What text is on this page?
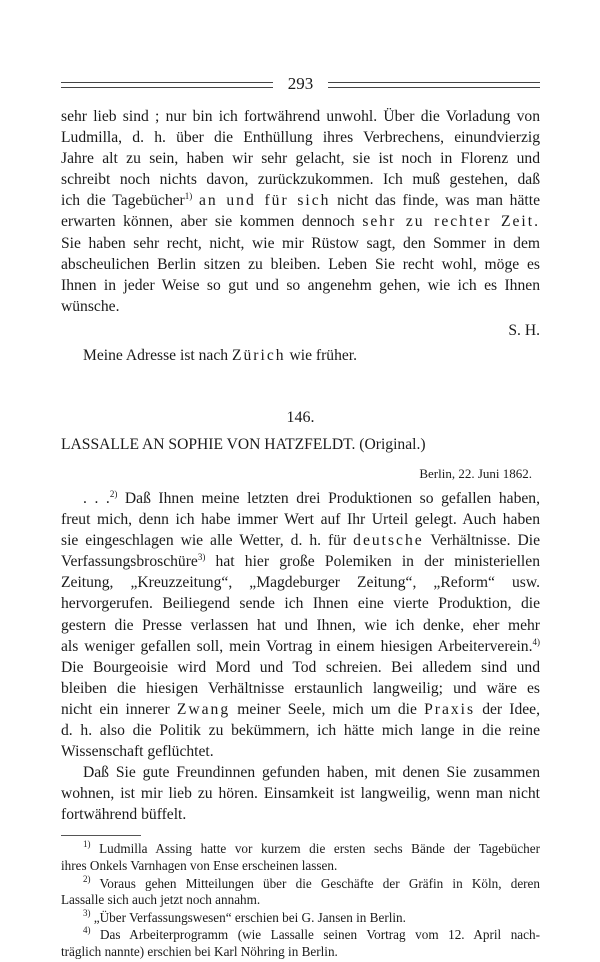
293
sehr lieb sind ; nur bin ich fortwährend unwohl. Über die Vorladung von
Ludmilla, d. h. über die Enthüllung ihres Verbrechens, einundvierzig
Jahre alt zu sein, haben wir sehr gelacht, sie ist noch in Florenz und
schreibt noch nichts davon, zurückzukommen. Ich muß gestehen, daß
ich die Tagebücher$^{1)}$ an und für sich nicht das finde, was man hätte
erwarten können, aber sie kommen dennoch sehr zu rechter Zeit.
Sie haben sehr recht, nicht, wie mir Rüstow sagt, den Sommer in dem
abscheulichen Berlin sitzen zu bleiben. Leben Sie recht wohl, möge es
Ihnen in jeder Weise so gut und so angenehm gehen, wie ich es Ihnen
wünsche.
S. H.
Meine Adresse ist nach Zürich wie früher.
146.
LASSALLE AN SOPHIE VON HATZFELDT. (Original.)
Berlin, 22. Juni 1862.
. . .$^{2)}$ Daß Ihnen meine letzten drei Produktionen so gefallen haben,
freut mich, denn ich habe immer Wert auf Ihr Urteil gelegt. Auch haben
sie eingeschlagen wie alle Wetter, d. h. für deutsche Verhältnisse. Die
Verfassungsbroschüre$^{3)}$ hat hier große Polemiken in der ministeriellen
Zeitung, „Kreuzzeitung“, „Magdeburger Zeitung“, „Reform“ usw.
hervorgerufen. Beiliegend sende ich Ihnen eine vierte Produktion, die
gestern die Presse verlassen hat und Ihnen, wie ich denke, eher mehr
als weniger gefallen soll, mein Vortrag in einem hiesigen Arbeiterverein.$^{4)}$
Die Bourgeoisie wird Mord und Tod schreien. Bei alledem sind und
bleiben die hiesigen Verhältnisse erstaunlich langweilig; und wäre es
nicht ein innerer Zwang meiner Seele, mich um die Praxis der Idee,
d. h. also die Politik zu bekümmern, ich hätte mich lange in die reine
Wissenschaft geflüchtet.
Daß Sie gute Freundinnen gefunden haben, mit denen Sie zusammen
wohnen, ist mir lieb zu hören. Einsamkeit ist langweilig, wenn man nicht
fortwährend büffelt.
$^{1)}$ Ludmilla Assing hatte vor kurzem die ersten sechs Bände der Tagebücher
ihres Onkels Varnhagen von Ense erscheinen lassen.
$^{2)}$ Voraus gehen Mitteilungen über die Geschäfte der Gräfin in Köln, deren
Lassalle sich auch jetzt noch annahm.
$^{3)}$ „Über Verfassungswesen“ erschien bei G. Jansen in Berlin.
$^{4)}$ Das Arbeiterprogramm (wie Lassalle seinen Vortrag vom 12. April nach-
träglich nannte) erschien bei Karl Nöhring in Berlin.
